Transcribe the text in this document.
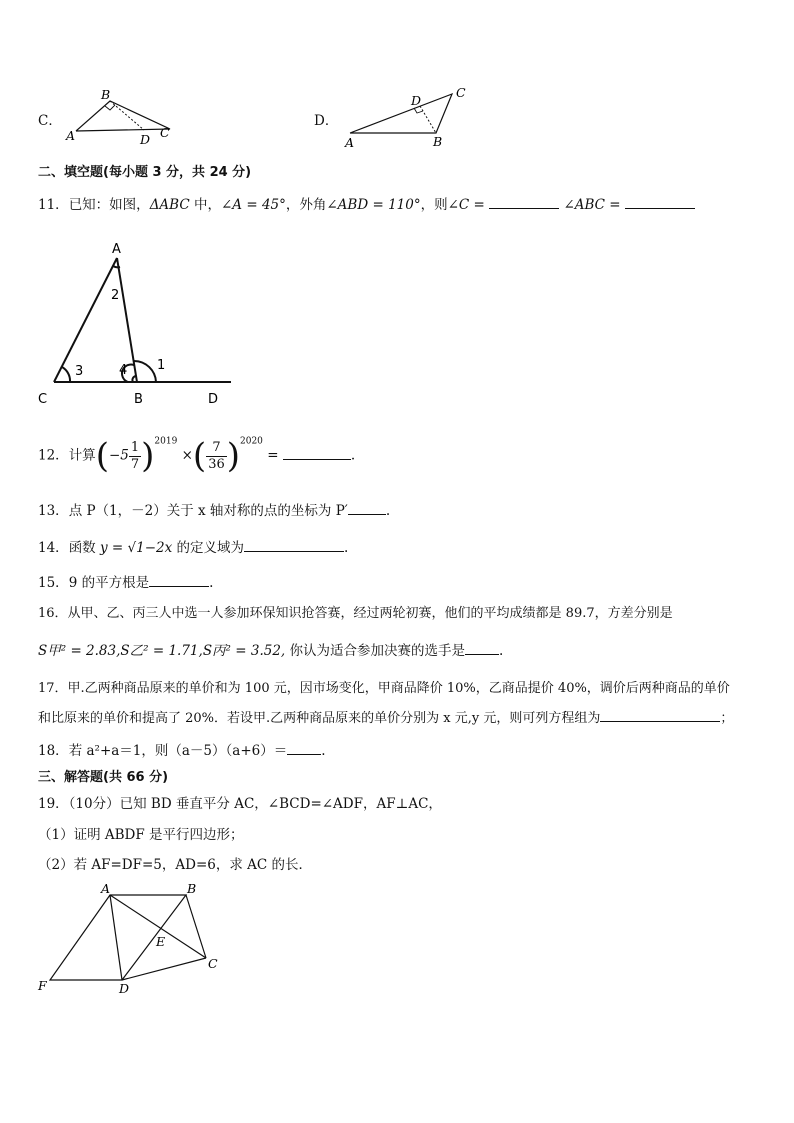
C．
A
B
C
D
D．
A	B
C
D
二、填空题(每小题 3 分，共 24 分)
11．已知：如图，ΔABC 中，∠A = 45°，外角∠ABD = 110°，则∠C =	∠ABC =
A
C	B	D
2
3	4 1
12．计算$(-5 \frac{1}{7} )^{2019}$ ×( $\frac{7}{36} )^{2020}$ =	.
13．点 P（1，－2）关于 x 轴对称的点的坐标为 P′	.
14．函数 y = √1−2x 的定义域为	.
15．9 的平方根是	.
16．从甲、乙、丙三人中选一人参加环保知识抢答赛，经过两轮初赛，他们的平均成绩都是 89.7，方差分别是
S甲² = 2.83,S乙² = 1.71,S丙² = 3.52, 你认为适合参加决赛的选手是	.
17．甲.乙两种商品原来的单价和为 100 元，因市场变化，甲商品降价 10%，乙商品提价 40%，调价后两种商品的单价
和比原来的单价和提高了 20%．若设甲.乙两种商品原来的单价分别为 x 元,y 元，则可列方程组为	；
18．若 a²+a＝1，则（a－5）（a+6）＝	.
三、解答题(共 66 分)
19．（10分）已知 BD 垂直平分 AC，∠BCD=∠ADF，AF⊥AC，
（1）证明 ABDF 是平行四边形；
（2）若 AF=DF=5，AD=6，求 AC 的长．
A	B
C
D
E
F
